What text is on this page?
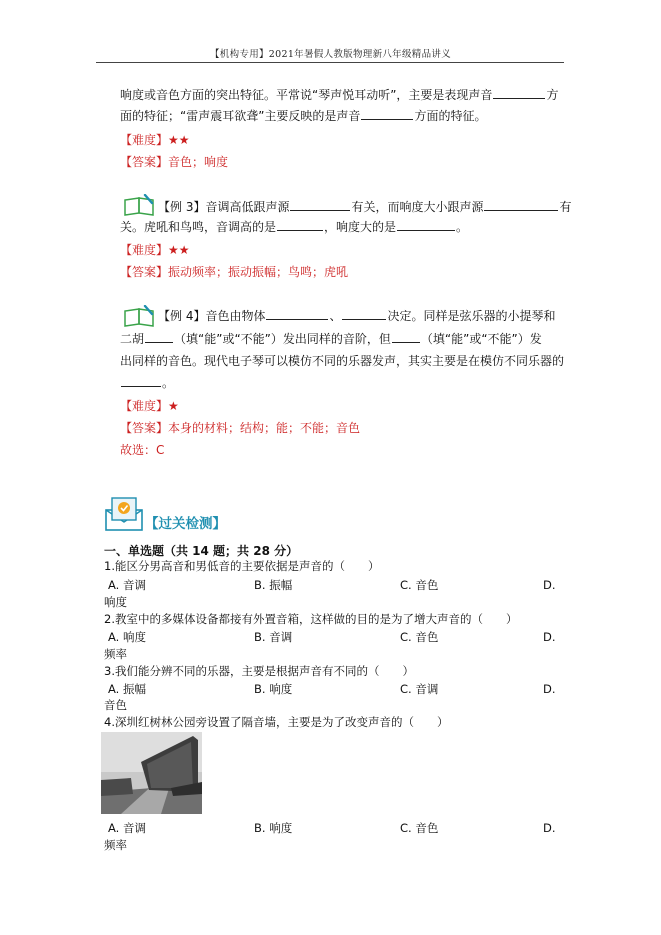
【机构专用】2021年暑假人教版物理新八年级精品讲义
响度或音色方面的突出特征。平常说“琴声悦耳动听”，主要是表现声音	方
面的特征；“雷声震耳欲聋”主要反映的是声音	方面的特征。
【难度】★★
【答案】音色；响度
【例 3】音调高低跟声源	有关，而响度大小跟声源	有
关。虎吼和鸟鸣，音调高的是	，响度大的是	。
【难度】★★
【答案】振动频率；振动振幅；鸟鸣；虎吼
【例 4】音色由物体	、	决定。同样是弦乐器的小提琴和
二胡	（填“能”或“不能”）发出同样的音阶，但	（填“能”或“不能”）发
出同样的音色。现代电子琴可以模仿不同的乐器发声，其实主要是在模仿不同乐器的
。
【难度】★
【答案】本身的材料；结构；能；不能；音色
故选：C
【过关检测】
一、单选题（共 14 题；共 28 分）
1.能区分男高音和男低音的主要依据是声音的（　　）
A. 音调	B. 振幅	C. 音色	D.
响度
2.教室中的多媒体设备都接有外置音箱，这样做的目的是为了增大声音的（　　）
A. 响度	B. 音调	C. 音色	D.
频率
3.我们能分辨不同的乐器，主要是根据声音有不同的（　　）
A. 振幅	B. 响度	C. 音调	D.
音色
4.深圳红树林公园旁设置了隔音墙，主要是为了改变声音的（　　）
A. 音调	B. 响度	C. 音色	D.
频率
